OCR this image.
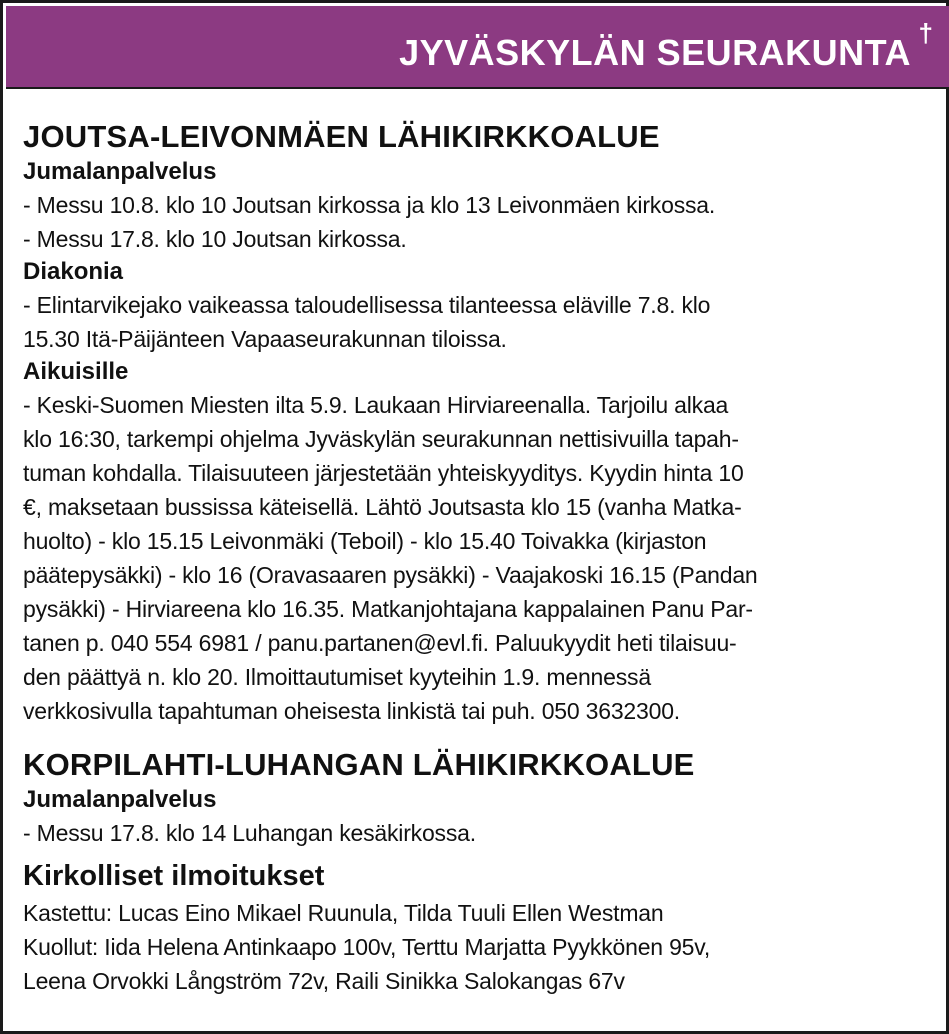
JYVÄSKYLÄN SEURAKUNTA †
JOUTSA-LEIVONMÄEN LÄHIKIRKKOALUE
Jumalanpalvelus

- Messu 10.8. klo 10 Joutsan kirkossa ja klo 13 Leivonmäen kirkossa.

- Messu 17.8. klo 10 Joutsan kirkossa.

Diakonia

- Elintarvikejako vaikeassa taloudellisessa tilanteessa eläville 7.8. klo

15.30 Itä-Päijänteen Vapaaseurakunnan tiloissa.

Aikuisille

- Keski-Suomen Miesten ilta 5.9. Laukaan Hirviareenalla. Tarjoilu alkaa

klo 16:30, tarkempi ohjelma Jyväskylän seurakunnan nettisivuilla tapah-

tuman kohdalla. Tilaisuuteen järjestetään yhteiskyyditys. Kyydin hinta 10

€, maksetaan bussissa käteisellä. Lähtö Joutsasta klo 15 (vanha Matka-

huolto) - klo 15.15 Leivonmäki (Teboil) - klo 15.40 Toivakka (kirjaston

päätepysäkki) - klo 16 (Oravasaaren pysäkki) - Vaajakoski 16.15 (Pandan

pysäkki) - Hirviareena klo 16.35. Matkanjohtajana kappalainen Panu Par-

tanen p. 040 554 6981 / panu.partanen@evl.fi. Paluukyydit heti tilaisuu-

den päättyä n. klo 20. Ilmoittautumiset kyyteihin 1.9. mennessä

verkkosivulla tapahtuman oheisesta linkistä tai puh. 050 3632300.

KORPILAHTI-LUHANGAN LÄHIKIRKKOALUE
Jumalanpalvelus

- Messu 17.8. klo 14 Luhangan kesäkirkossa.

Kirkolliset ilmoitukset

Kastettu: Lucas Eino Mikael Ruunula, Tilda Tuuli Ellen Westman

Kuollut: Iida Helena Antinkaapo 100v, Terttu Marjatta Pyykkönen 95v,

Leena Orvokki Långström 72v, Raili Sinikka Salokangas 67v
